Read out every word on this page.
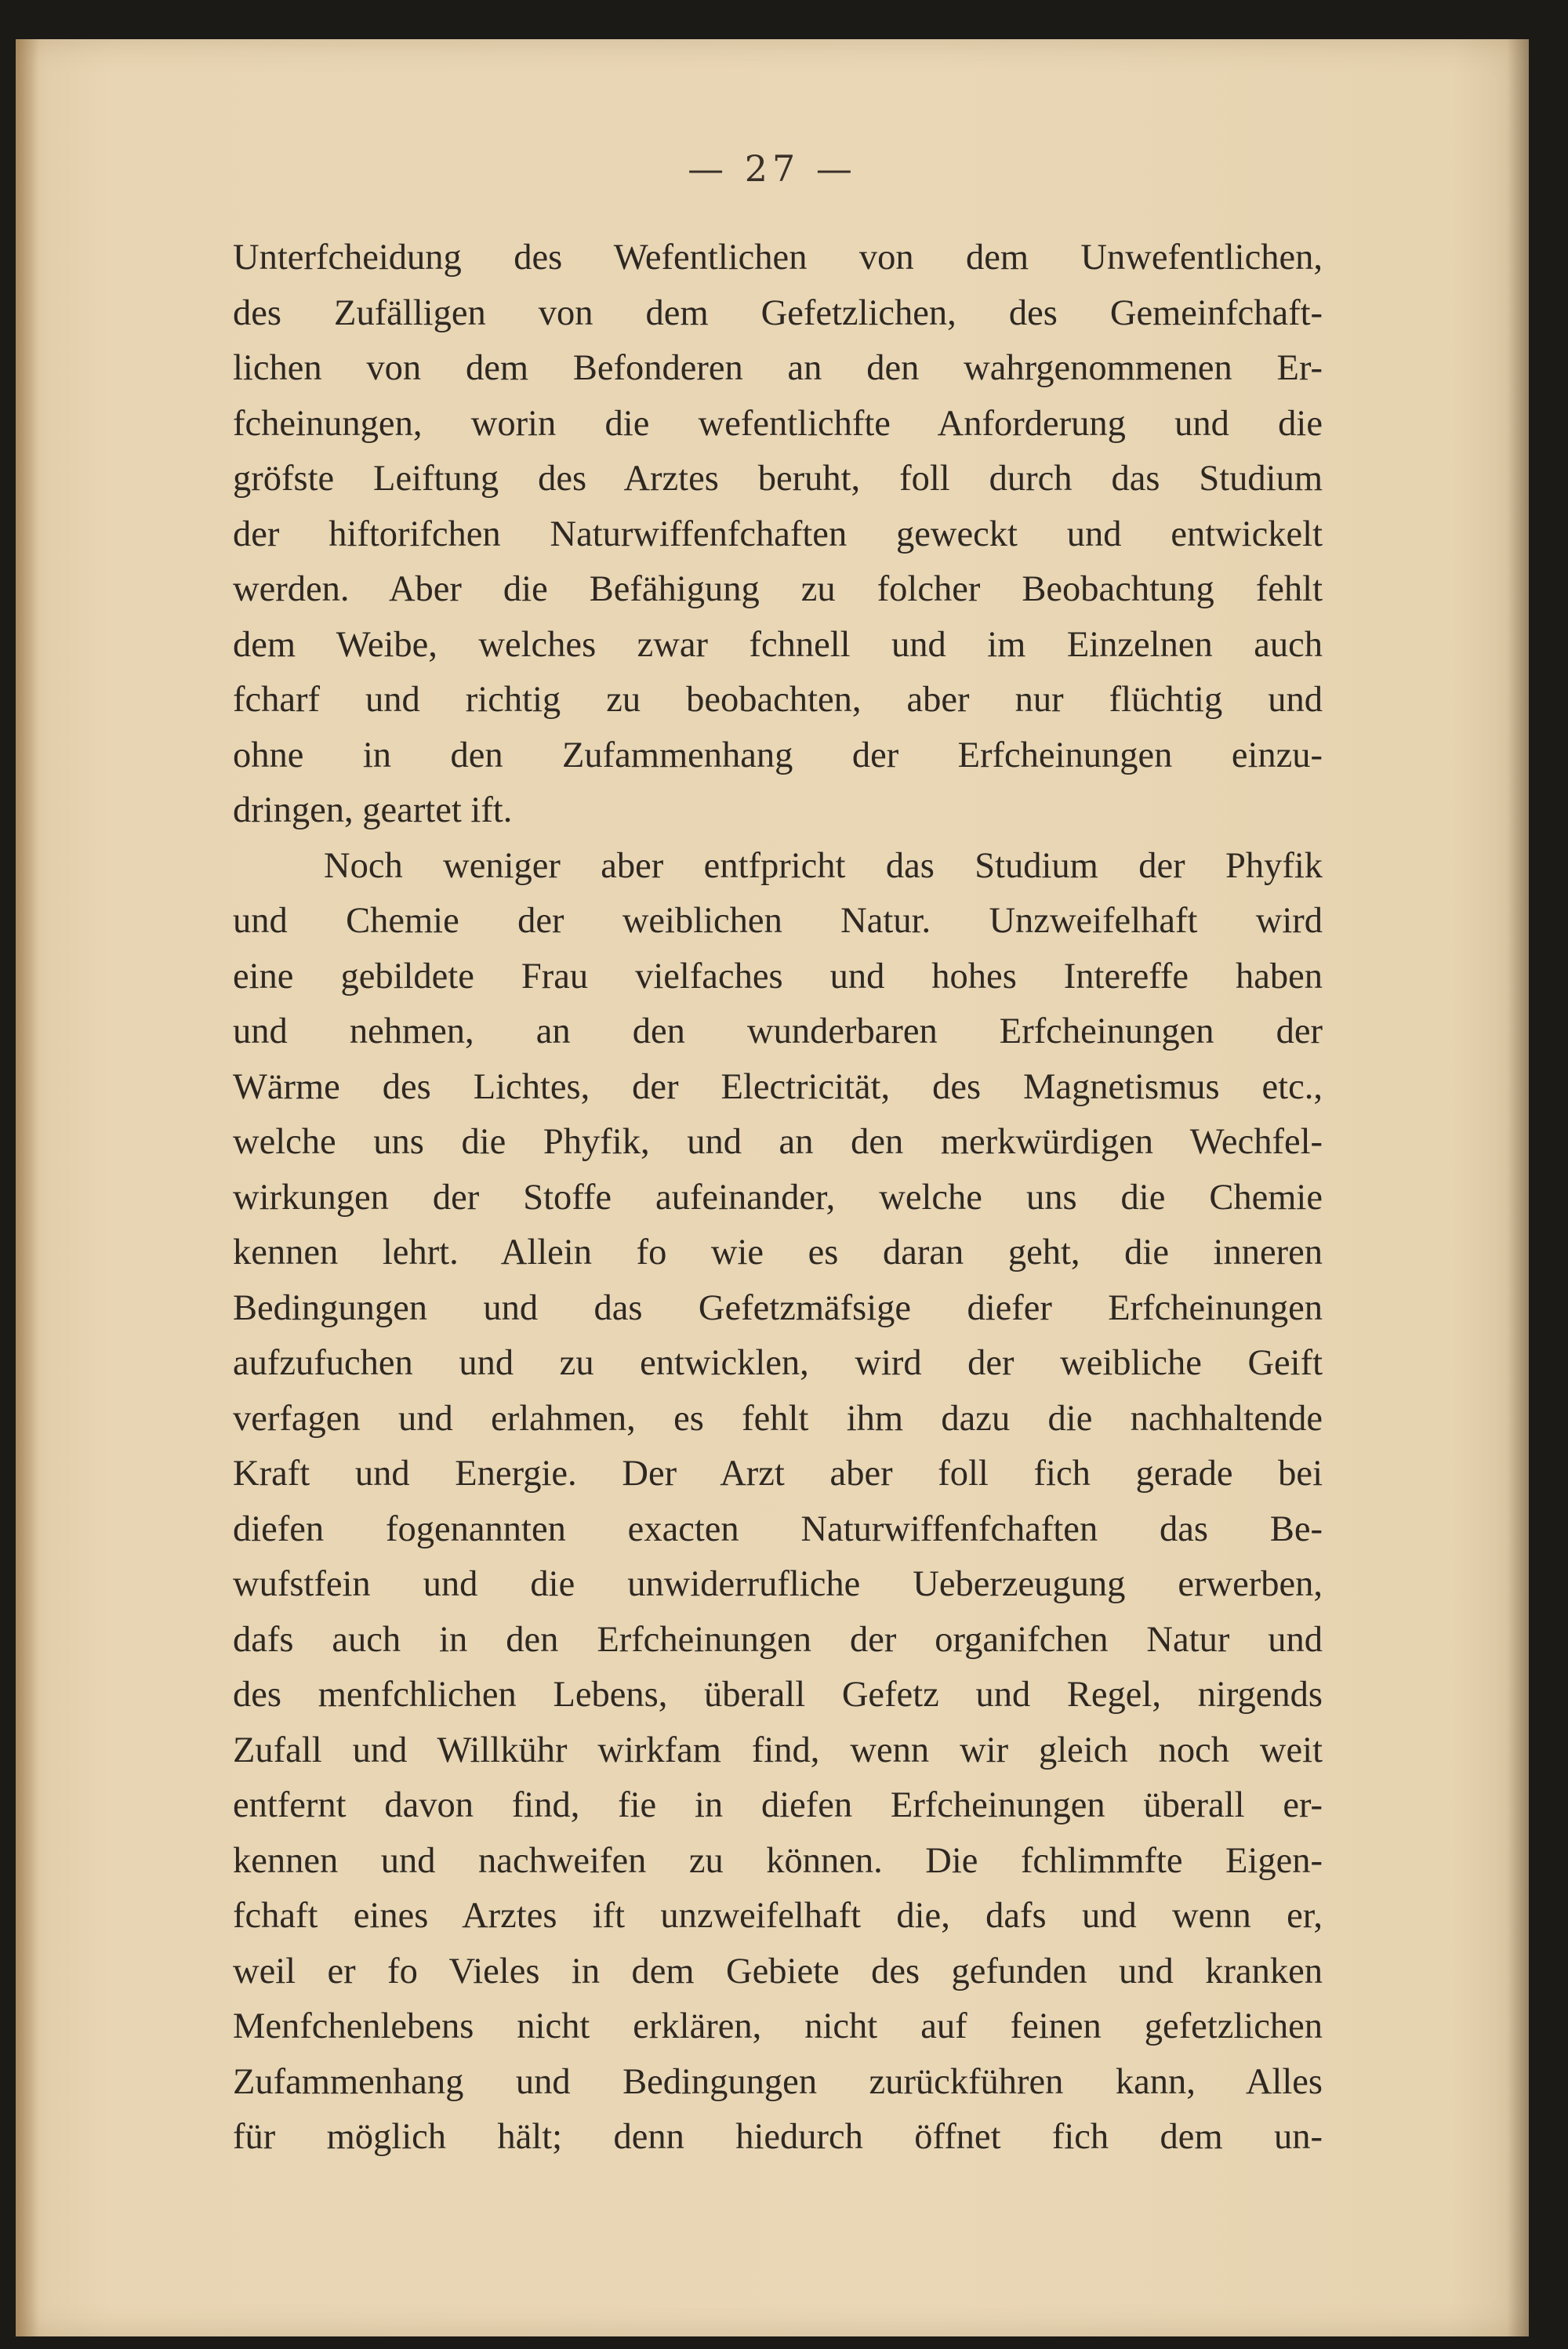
— 27 —
Unterfcheidung des Wefentlichen von dem Unwefentlichen,
des Zufälligen von dem Gefetzlichen, des Gemeinfchaft-
lichen von dem Befonderen an den wahrgenommenen Er-
fcheinungen, worin die wefentlichfte Anforderung und die
gröfste Leiftung des Arztes beruht, foll durch das Studium
der hiftorifchen Naturwiffenfchaften geweckt und entwickelt
werden. Aber die Befähigung zu folcher Beobachtung fehlt
dem Weibe, welches zwar fchnell und im Einzelnen auch
fcharf und richtig zu beobachten, aber nur flüchtig und
ohne in den Zufammenhang der Erfcheinungen einzu-
dringen, geartet ift.
Noch weniger aber entfpricht das Studium der Phyfik
und Chemie der weiblichen Natur. Unzweifelhaft wird
eine gebildete Frau vielfaches und hohes Intereffe haben
und nehmen, an den wunderbaren Erfcheinungen der
Wärme des Lichtes, der Electricität, des Magnetismus etc.,
welche uns die Phyfik, und an den merkwürdigen Wechfel-
wirkungen der Stoffe aufeinander, welche uns die Chemie
kennen lehrt. Allein fo wie es daran geht, die inneren
Bedingungen und das Gefetzmäfsige diefer Erfcheinungen
aufzufuchen und zu entwicklen, wird der weibliche Geift
verfagen und erlahmen, es fehlt ihm dazu die nachhaltende
Kraft und Energie. Der Arzt aber foll fich gerade bei
diefen fogenannten exacten Naturwiffenfchaften das Be-
wufstfein und die unwiderrufliche Ueberzeugung erwerben,
dafs auch in den Erfcheinungen der organifchen Natur und
des menfchlichen Lebens, überall Gefetz und Regel, nirgends
Zufall und Willkühr wirkfam find, wenn wir gleich noch weit
entfernt davon find, fie in diefen Erfcheinungen überall er-
kennen und nachweifen zu können. Die fchlimmfte Eigen-
fchaft eines Arztes ift unzweifelhaft die, dafs und wenn er,
weil er fo Vieles in dem Gebiete des gefunden und kranken
Menfchenlebens nicht erklären, nicht auf feinen gefetzlichen
Zufammenhang und Bedingungen zurückführen kann, Alles
für möglich hält; denn hiedurch öffnet fich dem un-
